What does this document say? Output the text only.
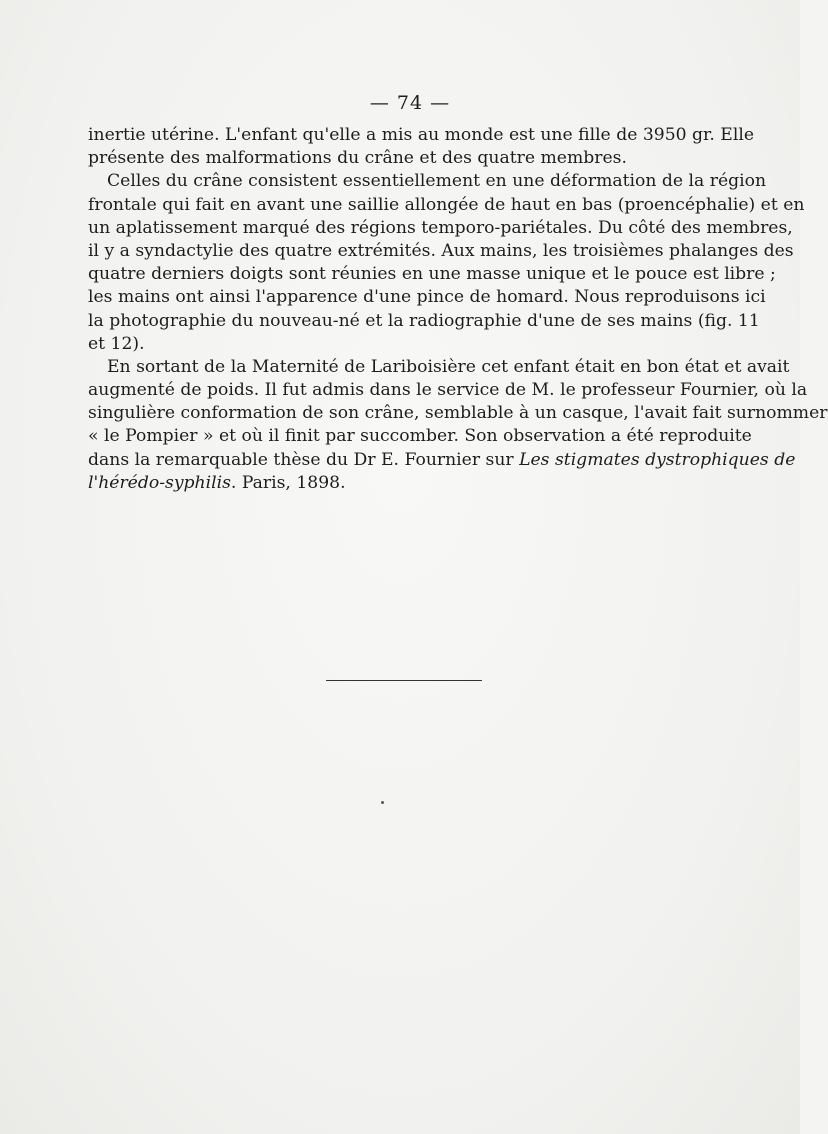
— 74 —
inertie utérine. L'enfant qu'elle a mis au monde est une fille de 3950 gr. Elle
présente des malformations du crâne et des quatre membres.
Celles du crâne consistent essentiellement en une déformation de la région
frontale qui fait en avant une saillie allongée de haut en bas (proencéphalie) et en
un aplatissement marqué des régions temporo-pariétales. Du côté des membres,
il y a syndactylie des quatre extrémités. Aux mains, les troisièmes phalanges des
quatre derniers doigts sont réunies en une masse unique et le pouce est libre ;
les mains ont ainsi l'apparence d'une pince de homard. Nous reproduisons ici
la photographie du nouveau-né et la radiographie d'une de ses mains (fig. 11
et 12).
En sortant de la Maternité de Lariboisière cet enfant était en bon état et avait
augmenté de poids. Il fut admis dans le service de M. le professeur Fournier, où la
singulière conformation de son crâne, semblable à un casque, l'avait fait surnommer
« le Pompier » et où il finit par succomber. Son observation a été reproduite
dans la remarquable thèse du Dr E. Fournier sur Les stigmates dystrophiques de
l'hérédo-syphilis. Paris, 1898.
